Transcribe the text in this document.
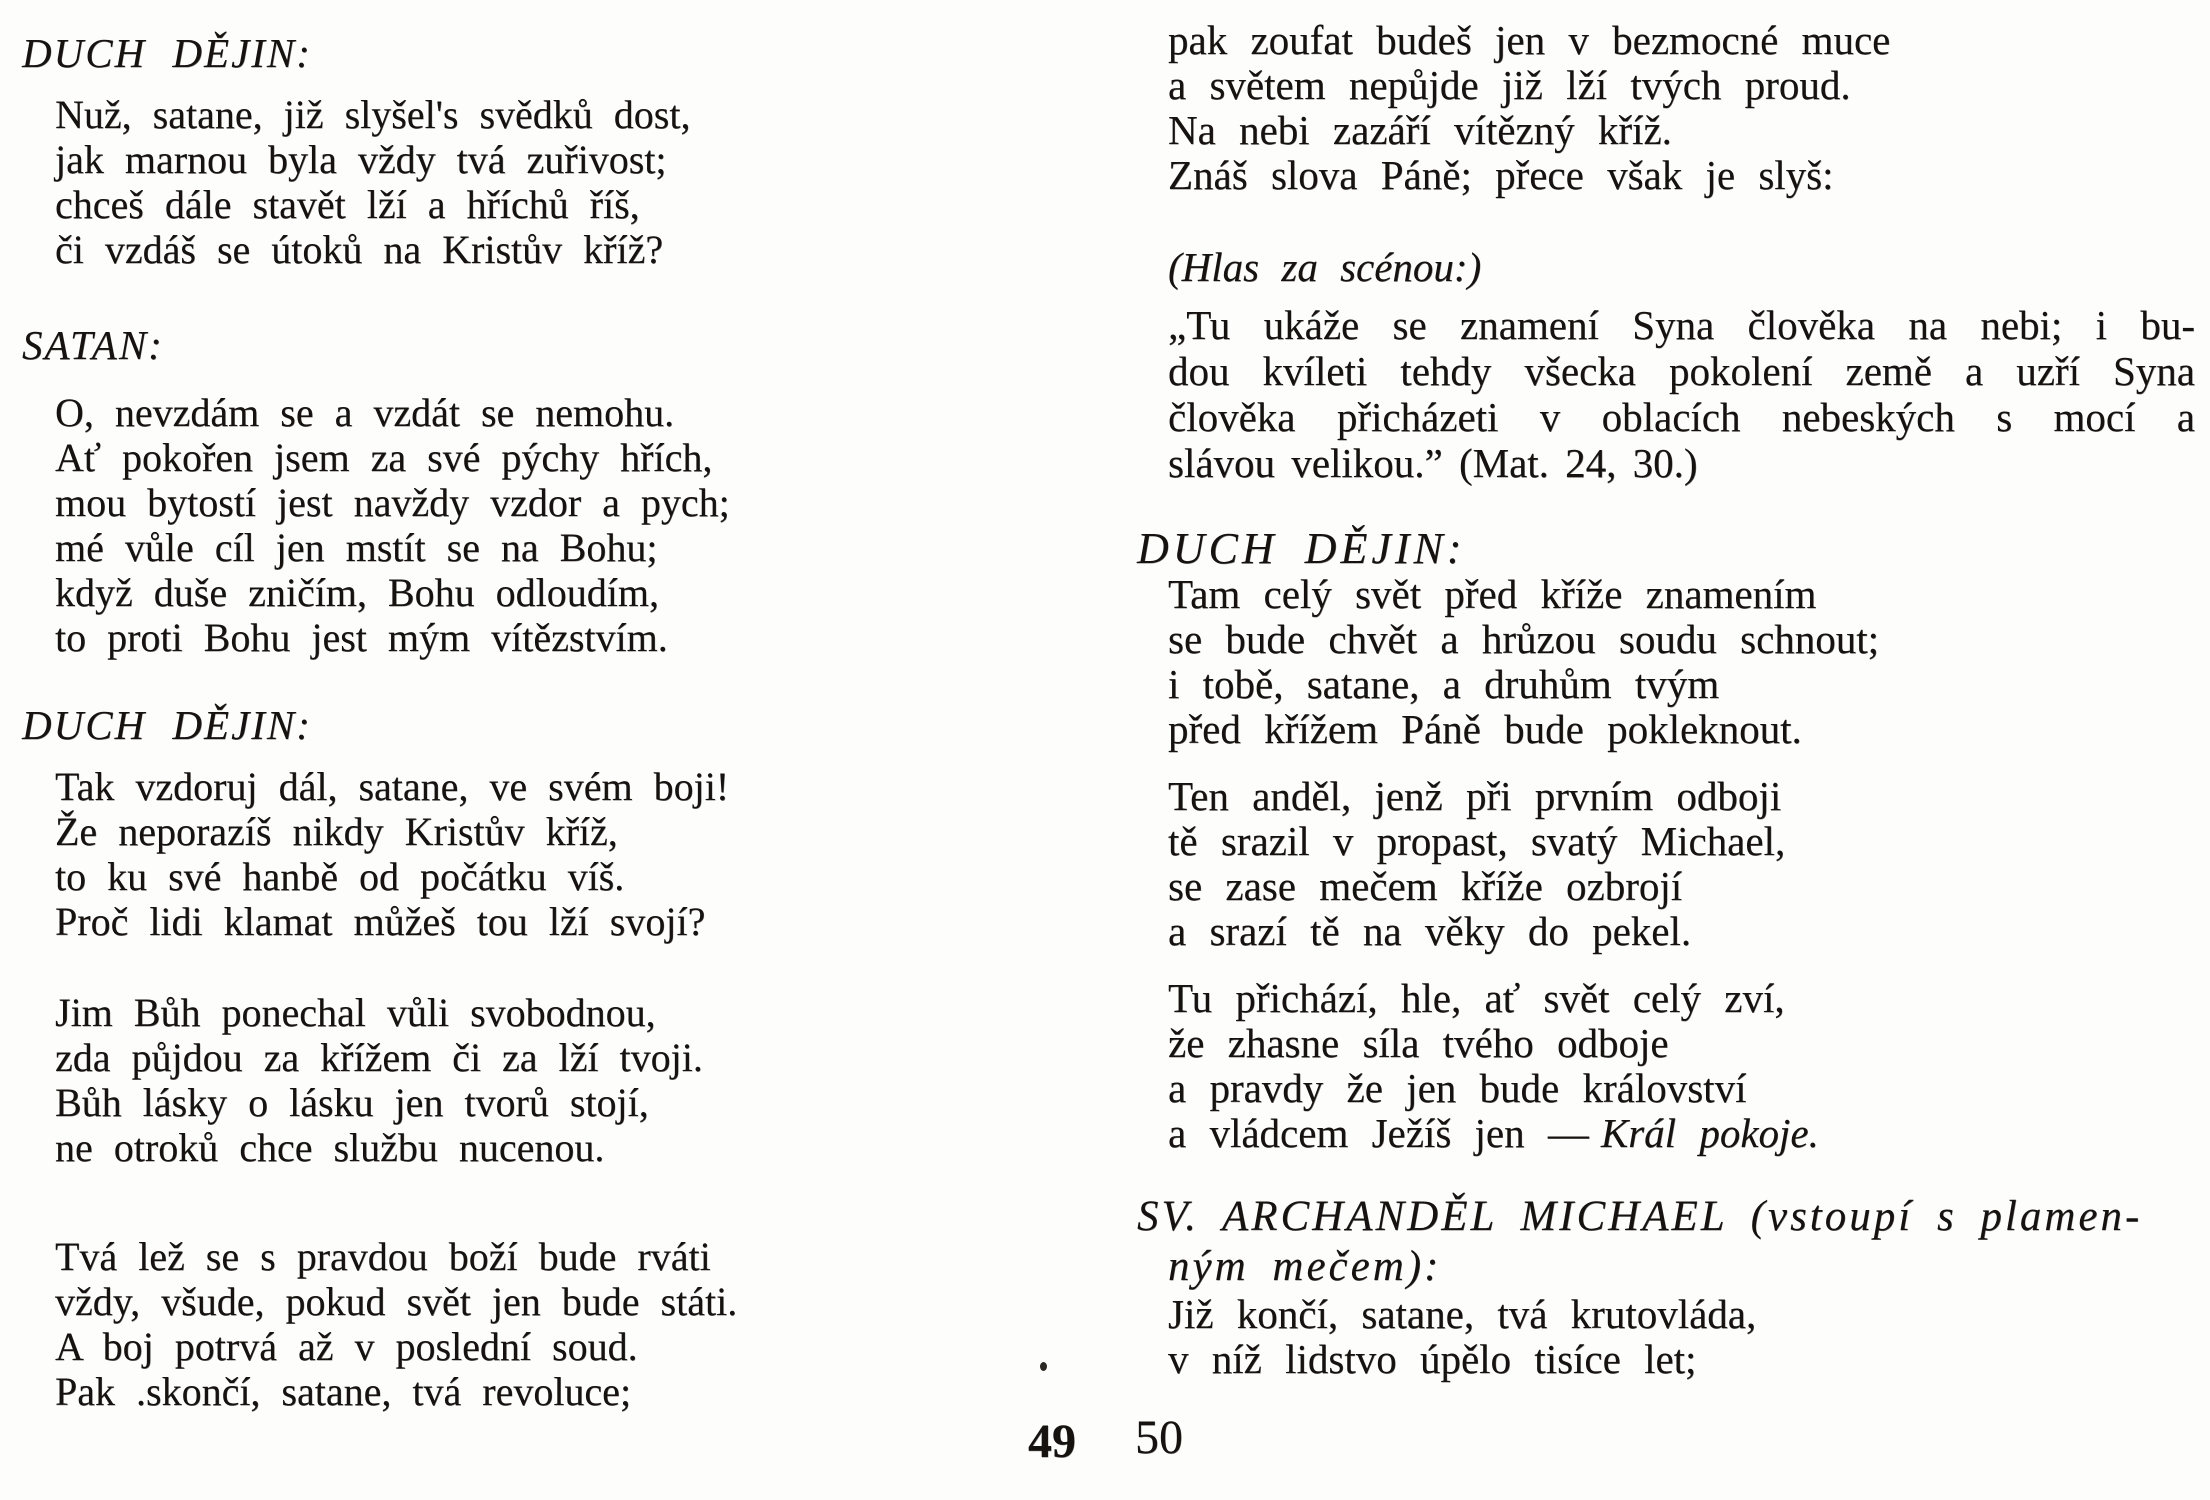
DUCH DĚJIN:
Nuž, satane, již slyšel's svědků dost,
jak marnou byla vždy tvá zuřivost;
chceš dále stavět lží a hříchů říš,
či vzdáš se útoků na Kristův kříž?
SATAN:
O, nevzdám se a vzdát se nemohu.
Ať pokořen jsem za své pýchy hřích,
mou bytostí jest navždy vzdor a pych;
mé vůle cíl jen mstít se na Bohu;
když duše zničím, Bohu odloudím,
to proti Bohu jest mým vítězstvím.
DUCH DĚJIN:
Tak vzdoruj dál, satane, ve svém boji!
Že neporazíš nikdy Kristův kříž,
to ku své hanbě od počátku víš.
Proč lidi klamat můžeš tou lží svojí?
Jim Bůh ponechal vůli svobodnou,
zda půjdou za křížem či za lží tvoji.
Bůh lásky o lásku jen tvorů stojí,
ne otroků chce službu nucenou.
Tvá lež se s pravdou boží bude rváti
vždy, všude, pokud svět jen bude státi.
A boj potrvá až v poslední soud.
Pak .skončí, satane, tvá revoluce;
pak zoufat budeš jen v bezmocné muce
a světem nepůjde již lží tvých proud.
Na nebi zazáří vítězný kříž.
Znáš slova Páně; přece však je slyš:
(Hlas za scénou:)
„Tu ukáže se znamení Syna člověka na nebi; i bu-
dou kvíleti tehdy všecka pokolení země a uzří Syna
člověka přicházeti v oblacích nebeských s mocí a
slávou velikou.” (Mat. 24, 30.)
DUCH DĚJIN:
Tam celý svět před kříže znamením
se bude chvět a hrůzou soudu schnout;
i tobě, satane, a druhům tvým
před křížem Páně bude pokleknout.
Ten anděl, jenž při prvním odboji
tě srazil v propast, svatý Michael,
se zase mečem kříže ozbrojí
a srazí tě na věky do pekel.
Tu přichází, hle, ať svět celý zví,
že zhasne síla tvého odboje
a pravdy že jen bude království
a vládcem Ježíš jen — Král pokoje.
SV. ARCHANDĚL MICHAEL (vstoupí s plamen-
ným mečem):
Již končí, satane, tvá krutovláda,
v níž lidstvo úpělo tisíce let;
49 50
